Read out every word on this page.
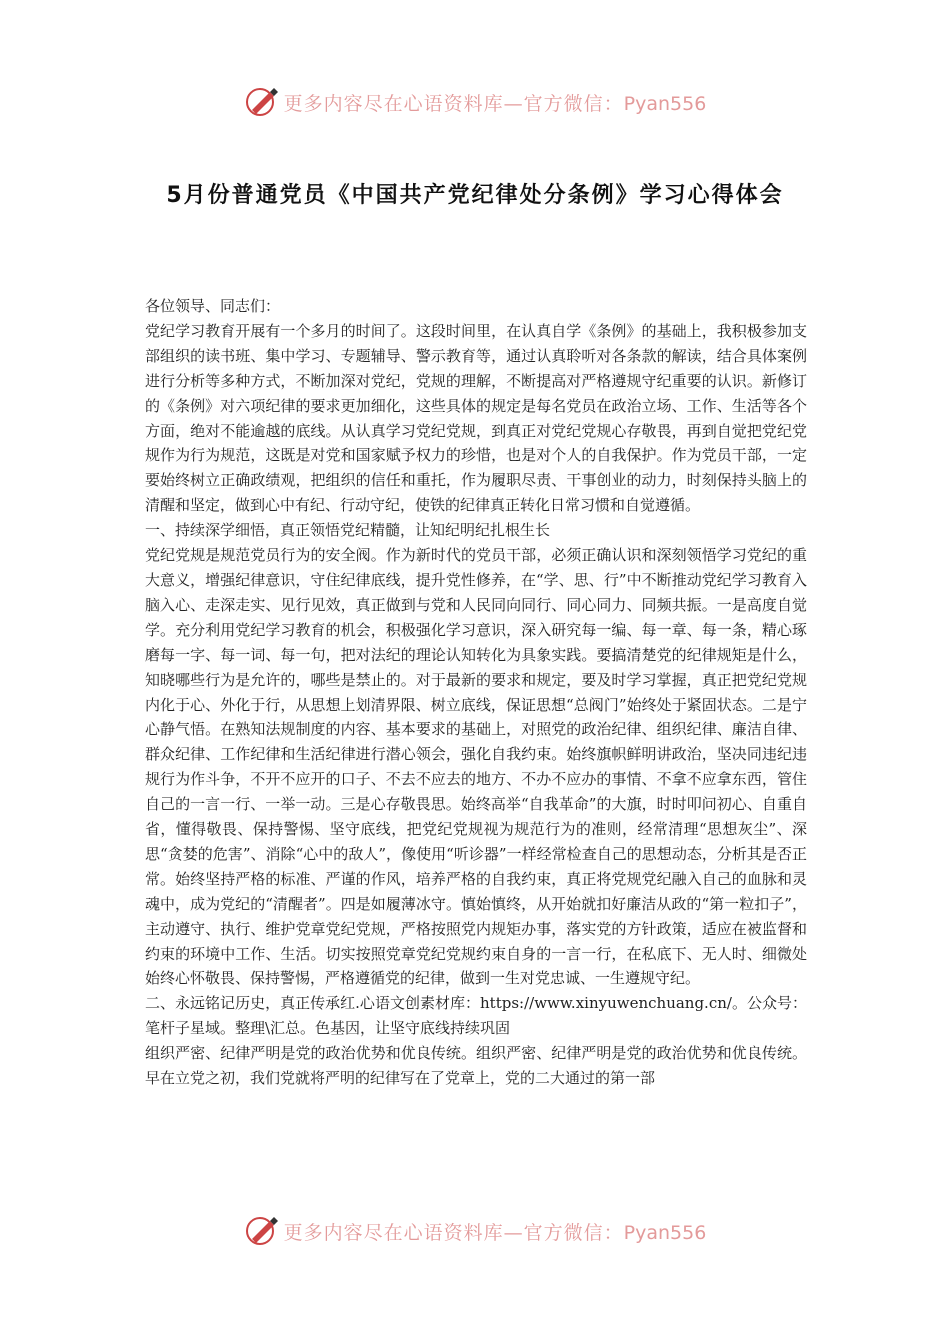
更多内容尽在心语资料库—官方微信：Pyan556
5月份普通党员《中国共产党纪律处分条例》学习心得体会

各位领导、同志们：

党纪学习教育开展有一个多月的时间了。这段时间里，在认真自学《条例》的基础上，我积极参加支部组织的读书班、集中学习、专题辅导、警示教育等，通过认真聆听对各条款的解读，结合具体案例进行分析等多种方式，不断加深对党纪，党规的理解，不断提高对严格遵规守纪重要的认识。新修订的《条例》对六项纪律的要求更加细化，这些具体的规定是每名党员在政治立场、工作、生活等各个方面，绝对不能逾越的底线。从认真学习党纪党规，到真正对党纪党规心存敬畏，再到自觉把党纪党规作为行为规范，这既是对党和国家赋予权力的珍惜，也是对个人的自我保护。作为党员干部，一定要始终树立正确政绩观，把组织的信任和重托，作为履职尽责、干事创业的动力，时刻保持头脑上的清醒和坚定，做到心中有纪、行动守纪，使铁的纪律真正转化日常习惯和自觉遵循。

一、持续深学细悟，真正领悟党纪精髓，让知纪明纪扎根生长

党纪党规是规范党员行为的安全阀。作为新时代的党员干部，必须正确认识和深刻领悟学习党纪的重大意义，增强纪律意识，守住纪律底线，提升党性修养，在“学、思、行”中不断推动党纪学习教育入脑入心、走深走实、见行见效，真正做到与党和人民同向同行、同心同力、同频共振。一是高度自觉学。充分利用党纪学习教育的机会，积极强化学习意识，深入研究每一编、每一章、每一条，精心琢磨每一字、每一词、每一句，把对法纪的理论认知转化为具象实践。要搞清楚党的纪律规矩是什么，知晓哪些行为是允许的，哪些是禁止的。对于最新的要求和规定，要及时学习掌握，真正把党纪党规内化于心、外化于行，从思想上划清界限、树立底线，保证思想“总阀门”始终处于紧固状态。二是宁心静气悟。在熟知法规制度的内容、基本要求的基础上，对照党的政治纪律、组织纪律、廉洁自律、群众纪律、工作纪律和生活纪律进行潜心领会，强化自我约束。始终旗帜鲜明讲政治，坚决同违纪违规行为作斗争，不开不应开的口子、不去不应去的地方、不办不应办的事情、不拿不应拿东西，管住自己的一言一行、一举一动。三是心存敬畏思。始终高举“自我革命”的大旗，时时叩问初心、自重自省，懂得敬畏、保持警惕、坚守底线，把党纪党规视为规范行为的准则，经常清理“思想灰尘”、深思“贪婪的危害”、消除“心中的敌人”，像使用“听诊器”一样经常检查自己的思想动态，分析其是否正常。始终坚持严格的标准、严谨的作风，培养严格的自我约束，真正将党规党纪融入自己的血脉和灵魂中，成为党纪的“清醒者”。四是如履薄冰守。慎始慎终，从开始就扣好廉洁从政的“第一粒扣子”，主动遵守、执行、维护党章党纪党规，严格按照党内规矩办事，落实党的方针政策，适应在被监督和约束的环境中工作、生活。切实按照党章党纪党规约束自身的一言一行，在私底下、无人时、细微处始终心怀敬畏、保持警惕，严格遵循党的纪律，做到一生对党忠诚、一生遵规守纪。

二、永远铭记历史，真正传承红.心语文创素材库：https://www.xinyuwenchuang.cn/。公众号：笔杆子星域。整理\汇总。色基因，让坚守底线持续巩固

组织严密、纪律严明是党的政治优势和优良传统。组织严密、纪律严明是党的政治优势和优良传统。早在立党之初，我们党就将严明的纪律写在了党章上，党的二大通过的第一部

更多内容尽在心语资料库—官方微信：Pyan556
